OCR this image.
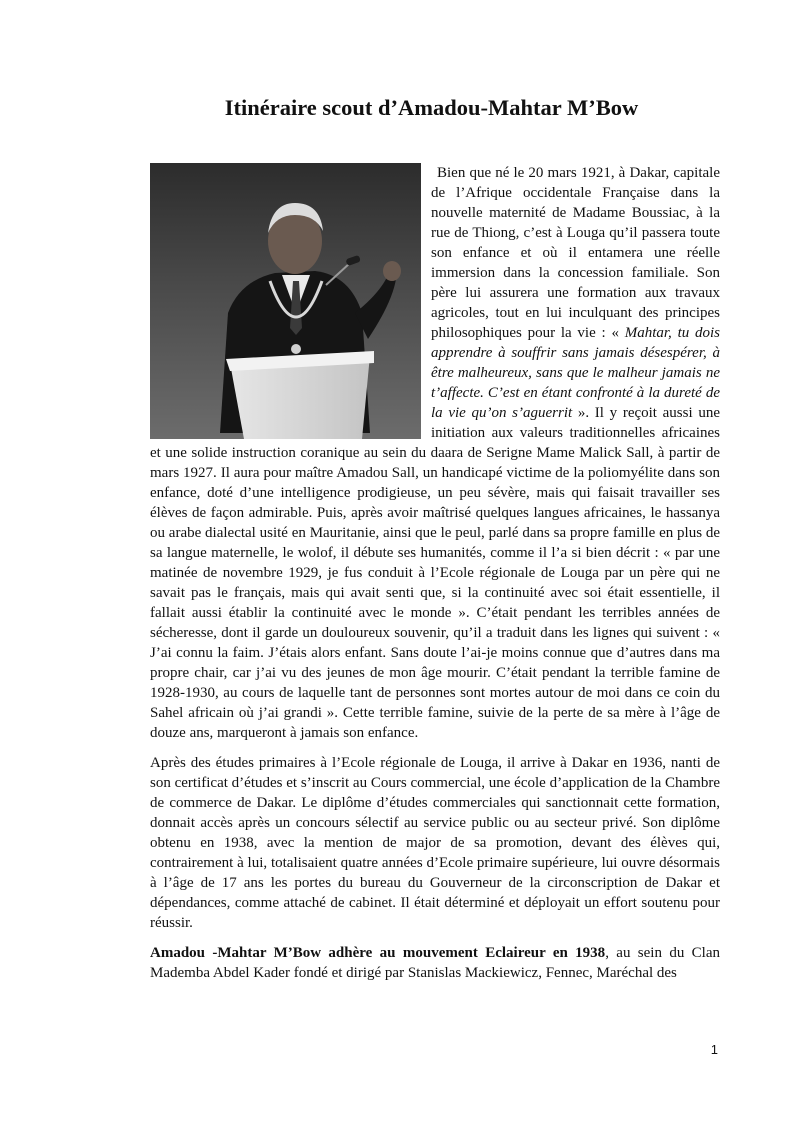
Itinéraire scout d’Amadou-Mahtar M’Bow

Bien que né le 20 mars 1921, à Dakar, capitale de l’Afrique occidentale Française dans la nouvelle maternité de Madame Boussiac, à la rue de Thiong, c’est à Louga qu’il passera toute son enfance et où il entamera une réelle immersion dans la concession familiale. Son père lui assurera une formation aux travaux agricoles, tout en lui inculquant des principes philosophiques pour la vie : « Mahtar, tu dois apprendre à souffrir sans jamais désespérer, à être malheureux, sans que le malheur jamais ne t’affecte. C’est en étant confronté à la dureté de la vie qu’on s’aguerrit ». Il y reçoit aussi une initiation aux valeurs traditionnelles africaines et une solide instruction coranique au sein du daara de Serigne Mame Malick Sall, à partir de mars 1927. Il aura pour maître Amadou Sall, un handicapé victime de la poliomyélite dans son enfance, doté d’une intelligence prodigieuse, un peu sévère, mais qui faisait travailler ses élèves de façon admirable. Puis, après avoir maîtrisé quelques langues africaines, le hassanya ou arabe dialectal usité en Mauritanie, ainsi que le peul, parlé dans sa propre famille en plus de sa langue maternelle, le wolof, il débute ses humanités, comme il l’a si bien décrit : « par une matinée de novembre 1929, je fus conduit à l’Ecole régionale de Louga par un père qui ne savait pas le français, mais qui avait senti que, si la continuité avec soi était essentielle, il fallait aussi établir la continuité avec le monde ». C’était pendant les terribles années de sécheresse, dont il garde un douloureux souvenir, qu’il a traduit dans les lignes qui suivent : « J’ai connu la faim. J’étais alors enfant. Sans doute l’ai-je moins connue que d’autres dans ma propre chair, car j’ai vu des jeunes de mon âge mourir. C’était pendant la terrible famine de 1928-1930, au cours de laquelle tant de personnes sont mortes autour de moi dans ce coin du Sahel africain où j’ai grandi ». Cette terrible famine, suivie de la perte de sa mère à l’âge de douze ans, marqueront à jamais son enfance.

Après des études primaires à l’Ecole régionale de Louga, il arrive à Dakar en 1936, nanti de son certificat d’études et s’inscrit au Cours commercial, une école d’application de la Chambre de commerce de Dakar. Le diplôme d’études commerciales qui sanctionnait cette formation, donnait accès après un concours sélectif au service public ou au secteur privé. Son diplôme obtenu en 1938, avec la mention de major de sa promotion, devant des élèves qui, contrairement à lui, totalisaient quatre années d’Ecole primaire supérieure, lui ouvre désormais à l’âge de 17 ans les portes du bureau du Gouverneur de la circonscription de Dakar et dépendances, comme attaché de cabinet. Il était déterminé et déployait un effort soutenu pour réussir.

Amadou -Mahtar M’Bow adhère au mouvement Eclaireur en 1938, au sein du Clan Mademba Abdel Kader fondé et dirigé par Stanislas Mackiewicz, Fennec, Maréchal des

1
